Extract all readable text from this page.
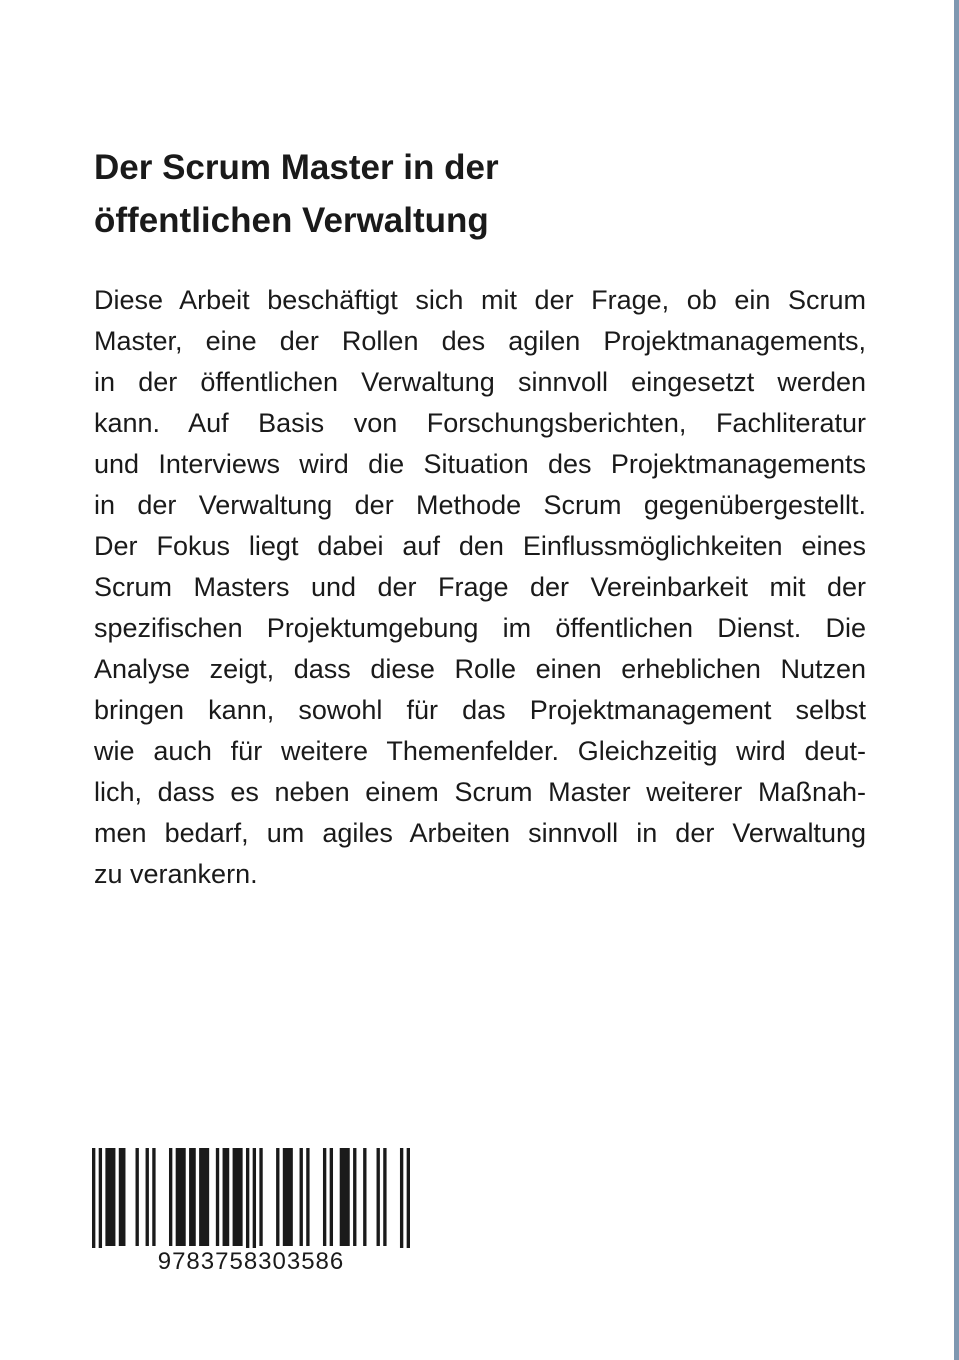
Der Scrum Master in der
öffentlichen Verwaltung
Diese Arbeit beschäftigt sich mit der Frage, ob ein Scrum
Master, eine der Rollen des agilen Projektmanagements,
in der öffentlichen Verwaltung sinnvoll eingesetzt werden
kann. Auf Basis von Forschungsberichten, Fachliteratur
und Interviews wird die Situation des Projektmanagements
in der Verwaltung der Methode Scrum gegenübergestellt.
Der Fokus liegt dabei auf den Einflussmöglichkeiten eines
Scrum Masters und der Frage der Vereinbarkeit mit der
spezifischen Projektumgebung im öffentlichen Dienst. Die
Analyse zeigt, dass diese Rolle einen erheblichen Nutzen
bringen kann, sowohl für das Projektmanagement selbst
wie auch für weitere Themenfelder. Gleichzeitig wird deut-
lich, dass es neben einem Scrum Master weiterer Maßnah-
men bedarf, um agiles Arbeiten sinnvoll in der Verwaltung
zu verankern.
9783758303586
